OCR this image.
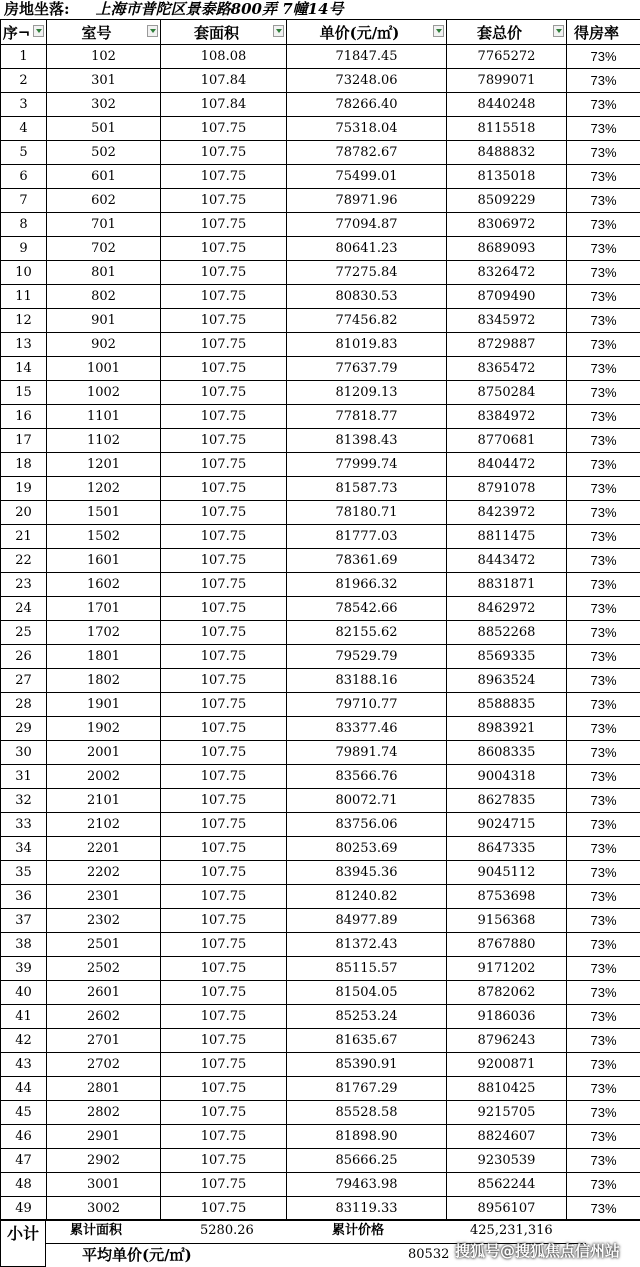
房地坐落: 上海市普陀区景泰路800弄 7幢14号
序¬	室号	套面积	单价(元/㎡)	套总价	得房率
1	102	108.08	71847.45	7765272	73%
2	301	107.84	73248.06	7899071	73%
3	302	107.84	78266.40	8440248	73%
4	501	107.75	75318.04	8115518	73%
5	502	107.75	78782.67	8488832	73%
6	601	107.75	75499.01	8135018	73%
7	602	107.75	78971.96	8509229	73%
8	701	107.75	77094.87	8306972	73%
9	702	107.75	80641.23	8689093	73%
10	801	107.75	77275.84	8326472	73%
11	802	107.75	80830.53	8709490	73%
12	901	107.75	77456.82	8345972	73%
13	902	107.75	81019.83	8729887	73%
14	1001	107.75	77637.79	8365472	73%
15	1002	107.75	81209.13	8750284	73%
16	1101	107.75	77818.77	8384972	73%
17	1102	107.75	81398.43	8770681	73%
18	1201	107.75	77999.74	8404472	73%
19	1202	107.75	81587.73	8791078	73%
20	1501	107.75	78180.71	8423972	73%
21	1502	107.75	81777.03	8811475	73%
22	1601	107.75	78361.69	8443472	73%
23	1602	107.75	81966.32	8831871	73%
24	1701	107.75	78542.66	8462972	73%
25	1702	107.75	82155.62	8852268	73%
26	1801	107.75	79529.79	8569335	73%
27	1802	107.75	83188.16	8963524	73%
28	1901	107.75	79710.77	8588835	73%
29	1902	107.75	83377.46	8983921	73%
30	2001	107.75	79891.74	8608335	73%
31	2002	107.75	83566.76	9004318	73%
32	2101	107.75	80072.71	8627835	73%
33	2102	107.75	83756.06	9024715	73%
34	2201	107.75	80253.69	8647335	73%
35	2202	107.75	83945.36	9045112	73%
36	2301	107.75	81240.82	8753698	73%
37	2302	107.75	84977.89	9156368	73%
38	2501	107.75	81372.43	8767880	73%
39	2502	107.75	85115.57	9171202	73%
40	2601	107.75	81504.05	8782062	73%
41	2602	107.75	85253.24	9186036	73%
42	2701	107.75	81635.67	8796243	73%
43	2702	107.75	85390.91	9200871	73%
44	2801	107.75	81767.29	8810425	73%
45	2802	107.75	85528.58	9215705	73%
46	2901	107.75	81898.90	8824607	73%
47	2902	107.75	85666.25	9230539	73%
48	3001	107.75	79463.98	8562244	73%
49	3002	107.75	83119.33	8956107	73%
小计	累计面积	5280.26	累计价格	425,231,316
平均单价(元/㎡)	80532 搜狐号@搜狐焦点信州站
